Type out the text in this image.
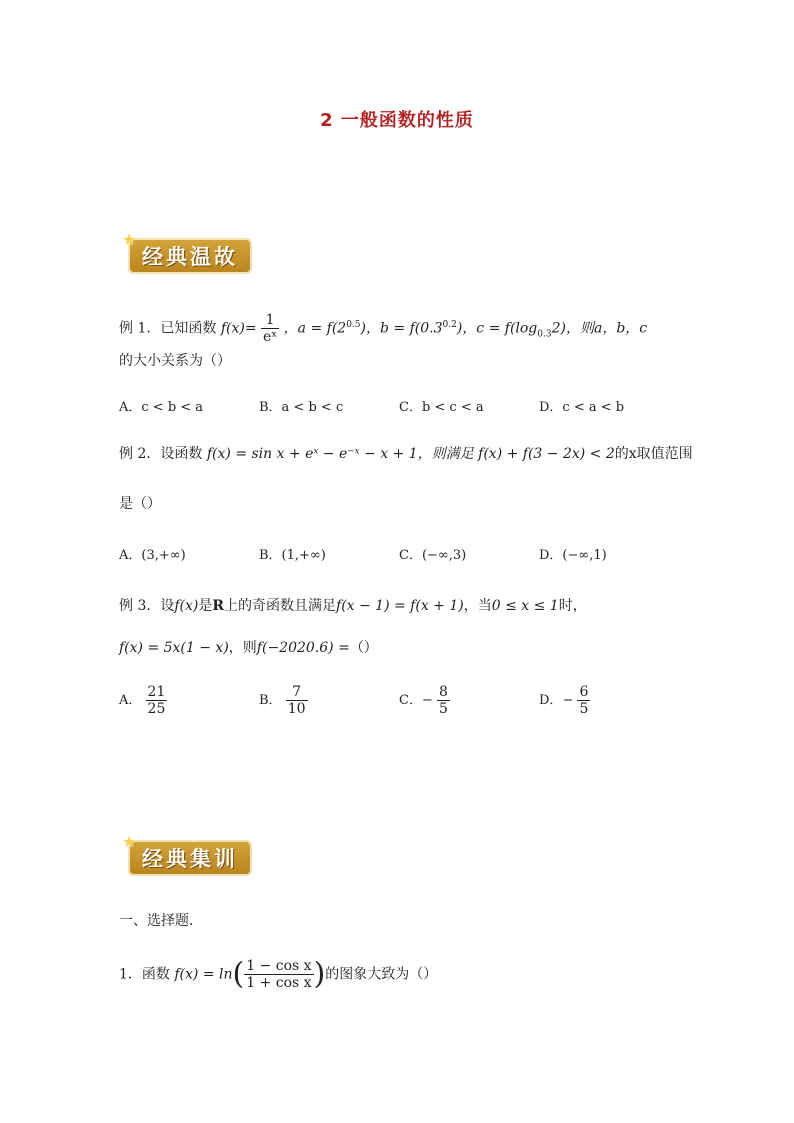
2 一般函数的性质
★
经典温故
例 1．已知函数 $f(x)= \frac{1}{\text{eˣ}}$ ，$a = f(2^{0.5})$，$b = f(0.3^{0.2})$，$c = f(\log_{0.3}2)$，则a，b，c
的大小关系为（）
A．c < b < a	B．a < b < c	C．b < c < a	D．c < a < b
例 2．设函数 f(x) = sin x + eˣ − e⁻ˣ − x + 1，则满足 f(x) + f(3 − 2x) < 2的x取值范围
是（）
A．(3,+∞)	B．(1,+∞)	C．(−∞,3)	D．(−∞,1)
例 3．设f(x)是R上的奇函数且满足f(x − 1) = f(x + 1)，当0 ≤ x ≤ 1时，
f(x) = 5x(1 − x)，则f(−2020.6) =（）
A． $\frac{21}{25}$	B． $\frac{7}{10}$	C．− $\frac{8}{5}$	D．− $\frac{6}{5}$
★
经典集训
一、选择题．
1．函数 $f(x) = \ln( \frac{\text{1 − cos x}}{\text{1 + cos x}}$ )的图象大致为（）
